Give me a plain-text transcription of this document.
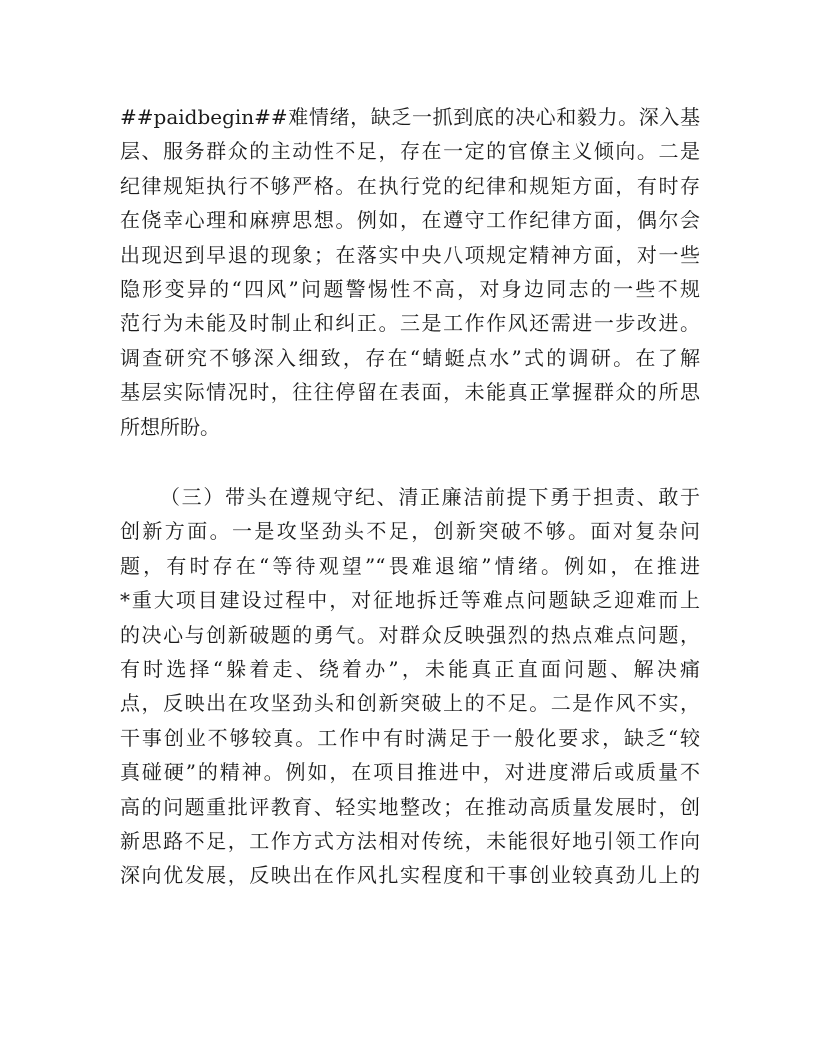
##paidbegin##难情绪，缺乏一抓到底的决心和毅力。深入基
层、服务群众的主动性不足，存在一定的官僚主义倾向。二是
纪律规矩执行不够严格。在执行党的纪律和规矩方面，有时存
在侥幸心理和麻痹思想。例如，在遵守工作纪律方面，偶尔会
出现迟到早退的现象；在落实中央八项规定精神方面，对一些
隐形变异的“四风”问题警惕性不高，对身边同志的一些不规
范行为未能及时制止和纠正。三是工作作风还需进一步改进。
调查研究不够深入细致，存在“蜻蜓点水”式的调研。在了解
基层实际情况时，往往停留在表面，未能真正掌握群众的所思
所想所盼。
（三）带头在遵规守纪、清正廉洁前提下勇于担责、敢于
创新方面。一是攻坚劲头不足，创新突破不够。面对复杂问
题，有时存在“等待观望”“畏难退缩”情绪。例如，在推进
*重大项目建设过程中，对征地拆迁等难点问题缺乏迎难而上
的决心与创新破题的勇气。对群众反映强烈的热点难点问题，
有时选择“躲着走、绕着办”，未能真正直面问题、解决痛
点，反映出在攻坚劲头和创新突破上的不足。二是作风不实，
干事创业不够较真。工作中有时满足于一般化要求，缺乏“较
真碰硬”的精神。例如，在项目推进中，对进度滞后或质量不
高的问题重批评教育、轻实地整改；在推动高质量发展时，创
新思路不足，工作方式方法相对传统，未能很好地引领工作向
深向优发展，反映出在作风扎实程度和干事创业较真劲儿上的
